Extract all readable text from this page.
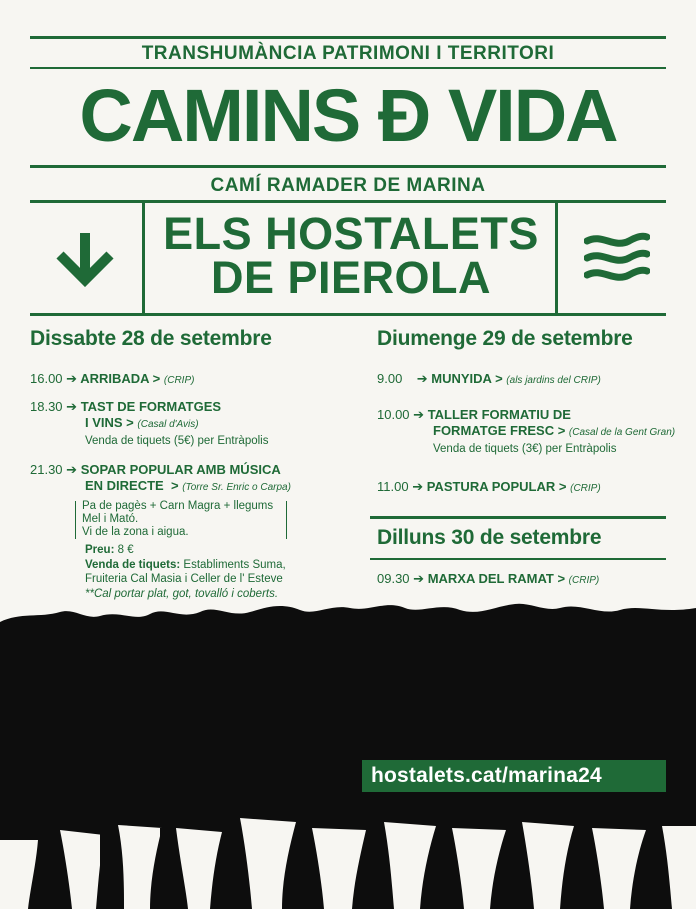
TRANSHUMÀNCIA PATRIMONI I TERRITORI
CAMINS Đ VIDA
CAMÍ RAMADER DE MARINA
ELS HOSTALETS
DE PIEROLA
Dissabte 28 de setembre
16.00 ➔ ARRIBADA > (CRIP)
18.30 ➔ TAST DE FORMATGES
I VINS > (Casal d'Avis)
Venda de tiquets (5€) per Entràpolis
21.30 ➔ SOPAR POPULAR AMB MÚSICA
EN DIRECTE > (Torre Sr. Enric o Carpa)
Pa de pagès + Carn Magra + llegums
Mel i Mató.
Vi de la zona i aigua.
Preu: 8 €
Venda de tiquets: Establiments Suma,
Fruiteria Cal Masia i Celler de l' Esteve
**Cal portar plat, got, tovalló i coberts.
Diumenge 29 de setembre
9.00    ➔ MUNYIDA > (als jardins del CRIP)
10.00 ➔ TALLER FORMATIU DE
FORMATGE FRESC > (Casal de la Gent Gran)
Venda de tiquets (3€) per Entràpolis
11.00 ➔ PASTURA POPULAR > (CRIP)
Dilluns 30 de setembre
09.30 ➔ MARXA DEL RAMAT > (CRIP)
hostalets.cat/marina24
